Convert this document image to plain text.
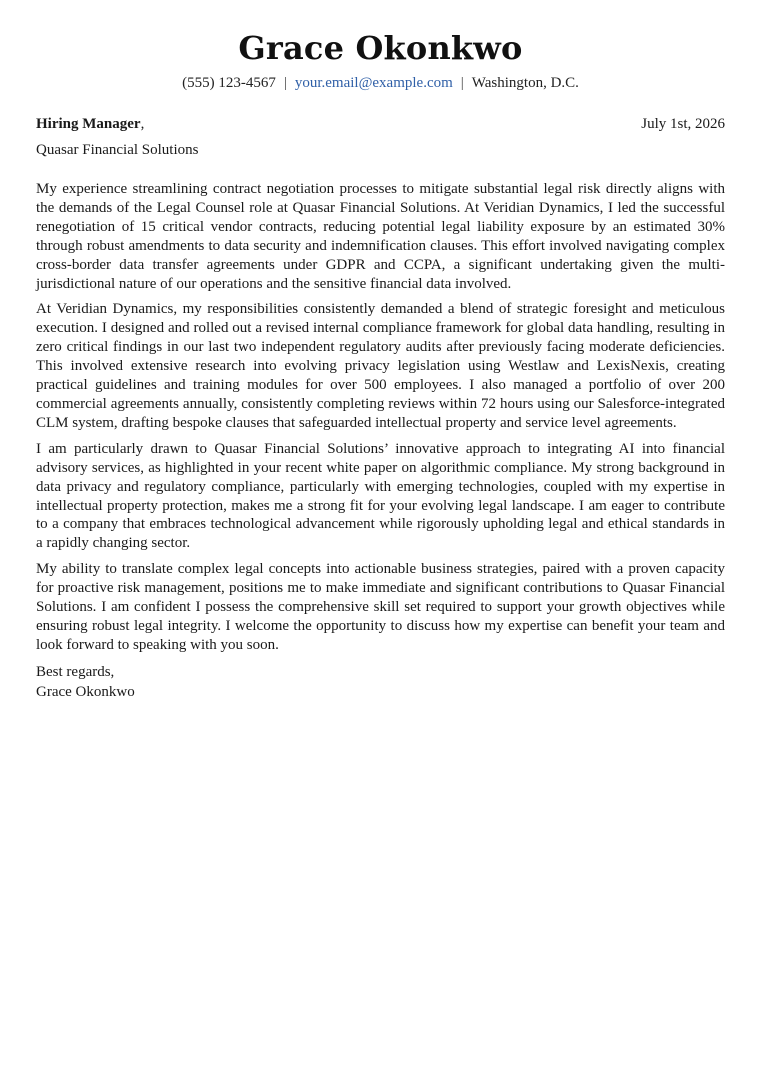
Grace Okonkwo
(555) 123-4567 | your.email@example.com | Washington, D.C.
Hiring Manager,	July 1st, 2026
Quasar Financial Solutions

My experience streamlining contract negotiation processes to mitigate substantial legal risk directly aligns with the demands of the Legal Counsel role at Quasar Financial Solutions. At Veridian Dynamics, I led the successful renegotiation of 15 critical vendor contracts, reducing potential legal liability exposure by an estimated 30% through robust amendments to data security and indemnification clauses. This effort involved navigating complex cross-border data transfer agreements under GDPR and CCPA, a significant undertaking given the multi-jurisdictional nature of our operations and the sensitive financial data involved.

At Veridian Dynamics, my responsibilities consistently demanded a blend of strategic foresight and meticulous execution. I designed and rolled out a revised internal compliance framework for global data handling, resulting in zero critical findings in our last two independent regulatory audits after previously facing moderate deficiencies. This involved extensive research into evolving privacy legislation using Westlaw and LexisNexis, creating practical guidelines and training modules for over 500 employees. I also managed a portfolio of over 200 commercial agreements annually, consistently completing reviews within 72 hours using our Salesforce-integrated CLM system, drafting bespoke clauses that safeguarded intellectual property and service level agreements.

I am particularly drawn to Quasar Financial Solutions’ innovative approach to integrating AI into financial advisory services, as highlighted in your recent white paper on algorithmic compliance. My strong background in data privacy and regulatory compliance, particularly with emerging technologies, coupled with my expertise in intellectual property protection, makes me a strong fit for your evolving legal landscape. I am eager to contribute to a company that embraces technological advancement while rigorously upholding legal and ethical standards in a rapidly changing sector.

My ability to translate complex legal concepts into actionable business strategies, paired with a proven capacity for proactive risk management, positions me to make immediate and significant contributions to Quasar Financial Solutions. I am confident I possess the comprehensive skill set required to support your growth objectives while ensuring robust legal integrity. I welcome the opportunity to discuss how my expertise can benefit your team and look forward to speaking with you soon.

Best regards,
Grace Okonkwo
